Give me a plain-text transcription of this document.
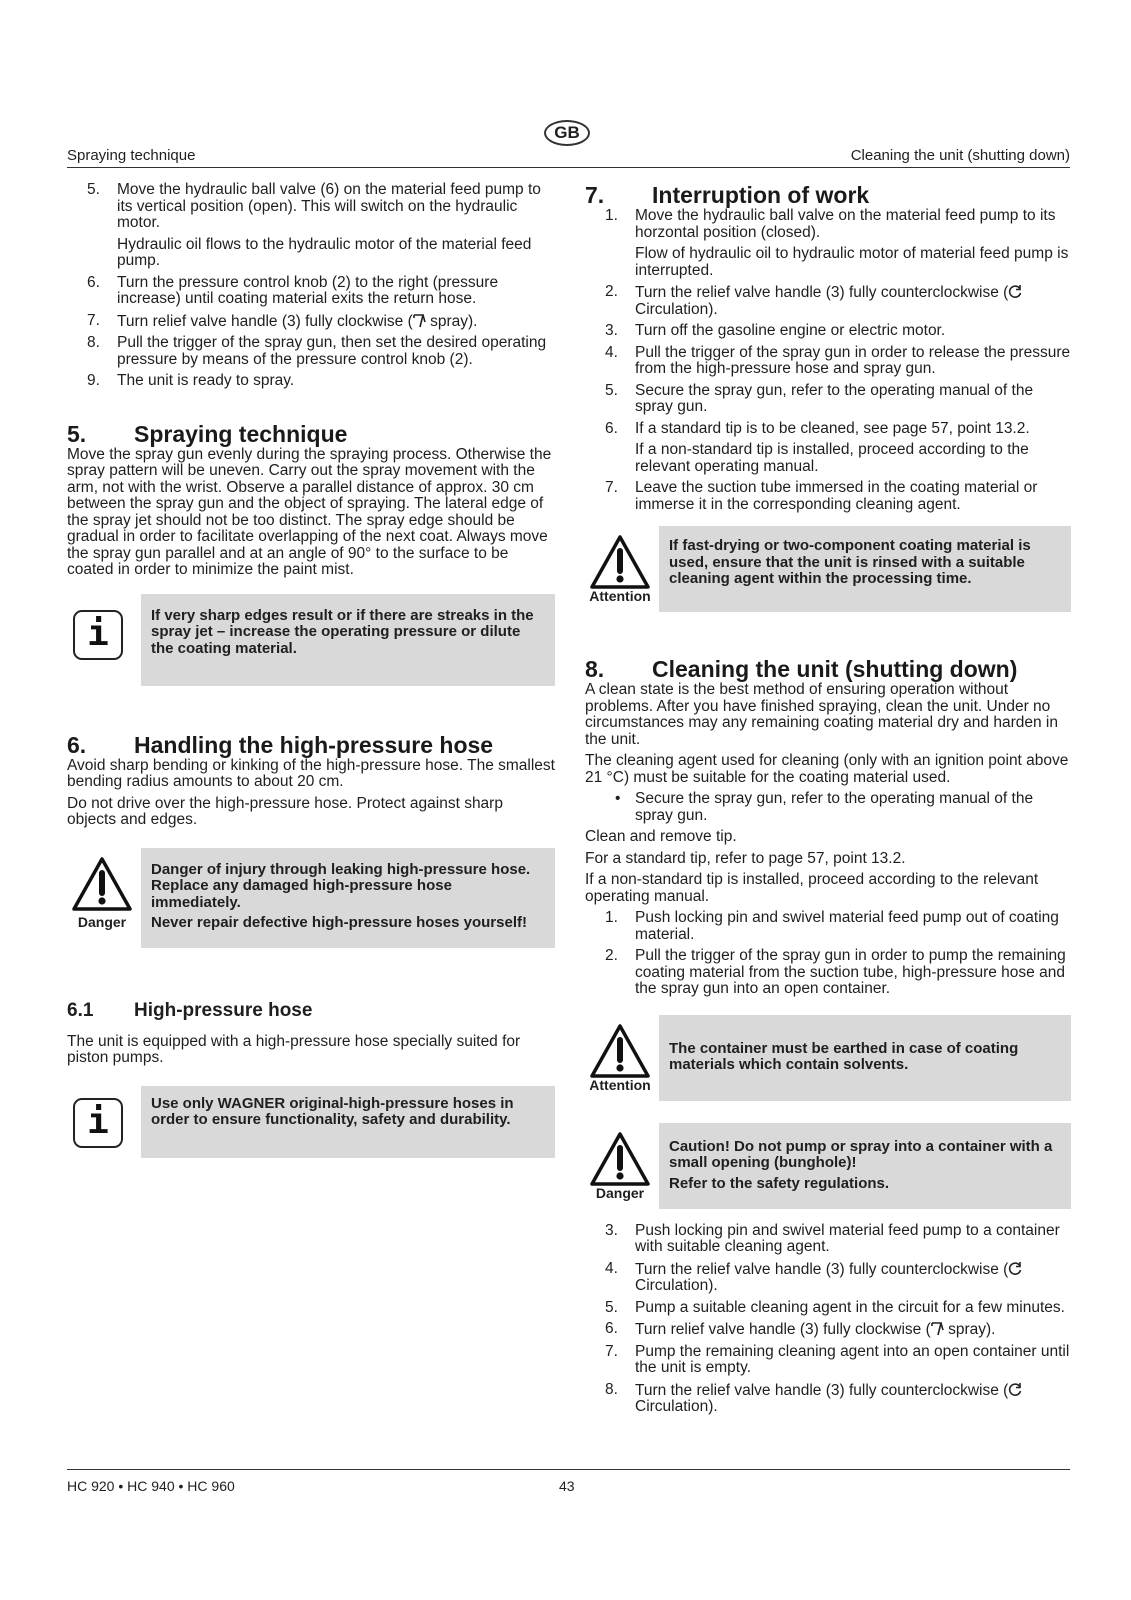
GB
Spraying technique	Cleaning the unit (shutting down)
5. Move the hydraulic ball valve (6) on the material feed pump to its vertical position (open). This will switch on the hydraulic motor.
Hydraulic oil flows to the hydraulic motor of the material feed pump.
6. Turn the pressure control knob (2) to the right (pressure increase) until coating material exits the return hose.
7. Turn relief valve handle (3) fully clockwise ( spray).
8. Pull the trigger of the spray gun, then set the desired operating pressure by means of the pressure control knob (2).
9. The unit is ready to spray.
5. Spraying technique

Move the spray gun evenly during the spraying process. Otherwise the spray pattern will be uneven. Carry out the spray movement with the arm, not with the wrist. Observe a parallel distance of approx. 30 cm between the spray gun and the object of spraying. The lateral edge of the spray jet should not be too distinct. The spray edge should be gradual in order to facilitate overlapping of the next coat. Always move the spray gun parallel and at an angle of 90° to the surface to be coated in order to minimize the paint mist.

i	If very sharp edges result or if there are streaks in the spray jet – increase the operating pressure or dilute the coating material.
6. Handling the high-pressure hose

Avoid sharp bending or kinking of the high-pressure hose. The smallest bending radius amounts to about 20 cm.

Do not drive over the high-pressure hose. Protect against sharp objects and edges.

Danger

Danger of injury through leaking high-pressure hose. Replace any damaged high-pressure hose immediately.

Never repair defective high-pressure hoses yourself!

6.1 High-pressure hose

The unit is equipped with a high-pressure hose specially suited for piston pumps.

i	Use only WAGNER original-high-pressure hoses in order to ensure functionality, safety and durability.
7. Interruption of work
1. Move the hydraulic ball valve on the material feed pump to its horzontal position (closed).
Flow of hydraulic oil to hydraulic motor of material feed pump is interrupted.
2. Turn the relief valve handle (3) fully counterclockwise ( Circulation).
3. Turn off the gasoline engine or electric motor.
4. Pull the trigger of the spray gun in order to release the pressure from the high-pressure hose and spray gun.
5. Secure the spray gun, refer to the operating manual of the spray gun.
6. If a standard tip is to be cleaned, see page 57, point 13.2.
If a non-standard tip is installed, proceed according to the relevant operating manual.
7. Leave the suction tube immersed in the coating material or immerse it in the corresponding cleaning agent.
Attention
If fast-drying or two-component coating material is used, ensure that the unit is rinsed with a suitable cleaning agent within the processing time.
8. Cleaning the unit (shutting down)

A clean state is the best method of ensuring operation without problems. After you have finished spraying, clean the unit. Under no circumstances may any remaining coating material dry and harden in the unit.

The cleaning agent used for cleaning (only with an ignition point above 21 °C) must be suitable for the coating material used.

• Secure the spray gun, refer to the operating manual of the spray gun.

Clean and remove tip.

For a standard tip, refer to page 57, point 13.2.

If a non-standard tip is installed, proceed according to the relevant operating manual.

1. Push locking pin and swivel material feed pump out of coating material.
2. Pull the trigger of the spray gun in order to pump the remaining coating material from the suction tube, high-pressure hose and the spray gun into an open container.
Attention
The container must be earthed in case of coating materials which contain solvents.
Danger

Caution! Do not pump or spray into a container with a small opening (bunghole)!

Refer to the safety regulations.

3. Push locking pin and swivel material feed pump to a container with suitable cleaning agent.
4. Turn the relief valve handle (3) fully counterclockwise ( Circulation).
5. Pump a suitable cleaning agent in the circuit for a few minutes.
6. Turn relief valve handle (3) fully clockwise ( spray).
7. Pump the remaining cleaning agent into an open container until the unit is empty.
8. Turn the relief valve handle (3) fully counterclockwise ( Circulation).
HC 920 • HC 940 • HC 960	43
